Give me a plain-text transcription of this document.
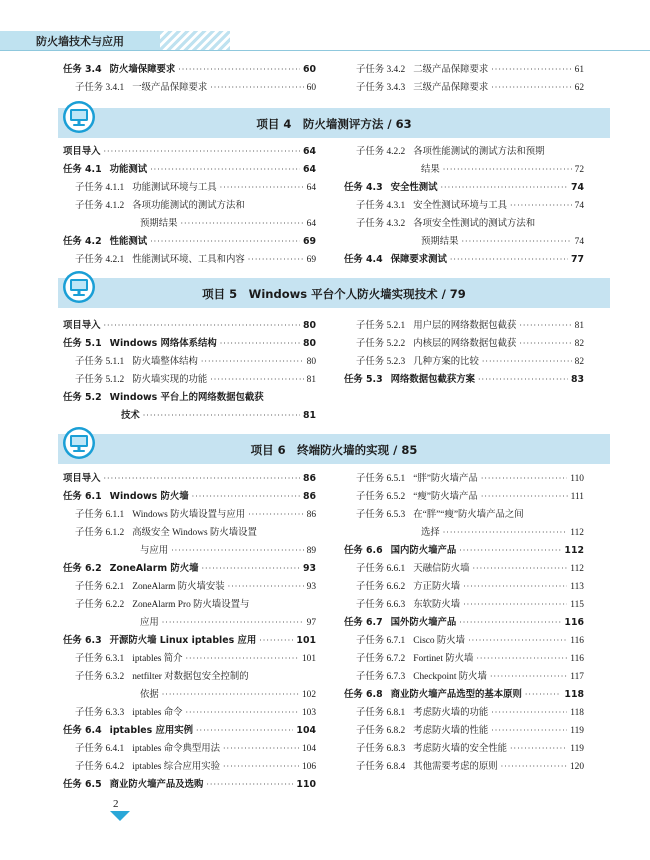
防火墙技术与应用
项目 4　防火墙测评方法 / 63
项目 5　Windows 平台个人防火墙实现技术 / 79
项目 6　终端防火墙的实现 / 85
任务 3.4 防火墙保障要求 ·····	60
子任务 3.4.1 一级产品保障要求 ·····	60
子任务 3.4.2 二级产品保障要求 ·····	61
子任务 3.4.3 三级产品保障要求 ·····	62
项目导入 ·····	64
任务 4.1 功能测试 ·····	64
子任务 4.1.1 功能测试环境与工具 ·····	64
子任务 4.1.2 各项功能测试的测试方法和
预期结果 ·····	64
任务 4.2 性能测试 ·····	69
子任务 4.2.1 性能测试环境、工具和内容 ·····	69
子任务 4.2.2 各项性能测试的测试方法和预期
结果 ·····	72
任务 4.3 安全性测试 ·····	74
子任务 4.3.1 安全性测试环境与工具 ·····	74
子任务 4.3.2 各项安全性测试的测试方法和
预期结果 ·····	74
任务 4.4 保障要求测试 ·····	77
项目导入 ·····	80
任务 5.1 Windows 网络体系结构 ·····	80
子任务 5.1.1 防火墙整体结构 ·····	80
子任务 5.1.2 防火墙实现的功能 ·····	81
任务 5.2 Windows 平台上的网络数据包截获
技术 ·····	81
子任务 5.2.1 用户层的网络数据包截获 ·····	81
子任务 5.2.2 内核层的网络数据包截获 ·····	82
子任务 5.2.3 几种方案的比较 ·····	82
任务 5.3 网络数据包截获方案 ·····	83
项目导入 ·····	86
任务 6.1 Windows 防火墙 ·····	86
子任务 6.1.1 Windows 防火墙设置与应用 ·····	86
子任务 6.1.2 高级安全 Windows 防火墙设置
与应用 ·····	89
任务 6.2 ZoneAlarm 防火墙 ·····	93
子任务 6.2.1 ZoneAlarm 防火墙安装 ·····	93
子任务 6.2.2 ZoneAlarm Pro 防火墙设置与
应用 ·····	97
任务 6.3 开源防火墙 Linux iptables 应用 ·····	101
子任务 6.3.1 iptables 简介 ·····	101
子任务 6.3.2 netfilter 对数据包安全控制的
依据 ·····	102
子任务 6.3.3 iptables 命令 ·····	103
任务 6.4 iptables 应用实例 ·····	104
子任务 6.4.1 iptables 命令典型用法 ·····	104
子任务 6.4.2 iptables 综合应用实验 ·····	106
任务 6.5 商业防火墙产品及选购 ·····	110
子任务 6.5.1 “胖”防火墙产品 ·····	110
子任务 6.5.2 “瘦”防火墙产品 ·····	111
子任务 6.5.3 在“胖”“瘦”防火墙产品之间
选择 ·····	112
任务 6.6 国内防火墙产品 ·····	112
子任务 6.6.1 天融信防火墙 ·····	112
子任务 6.6.2 方正防火墙 ·····	113
子任务 6.6.3 东软防火墙 ·····	115
任务 6.7 国外防火墙产品 ·····	116
子任务 6.7.1 Cisco 防火墙 ·····	116
子任务 6.7.2 Fortinet 防火墙 ·····	116
子任务 6.7.3 Checkpoint 防火墙 ·····	117
任务 6.8 商业防火墙产品选型的基本原则 ·····	118
子任务 6.8.1 考虑防火墙的功能 ·····	118
子任务 6.8.2 考虑防火墙的性能 ·····	119
子任务 6.8.3 考虑防火墙的安全性能 ·····	119
子任务 6.8.4 其他需要考虑的原则 ·····	120
2
